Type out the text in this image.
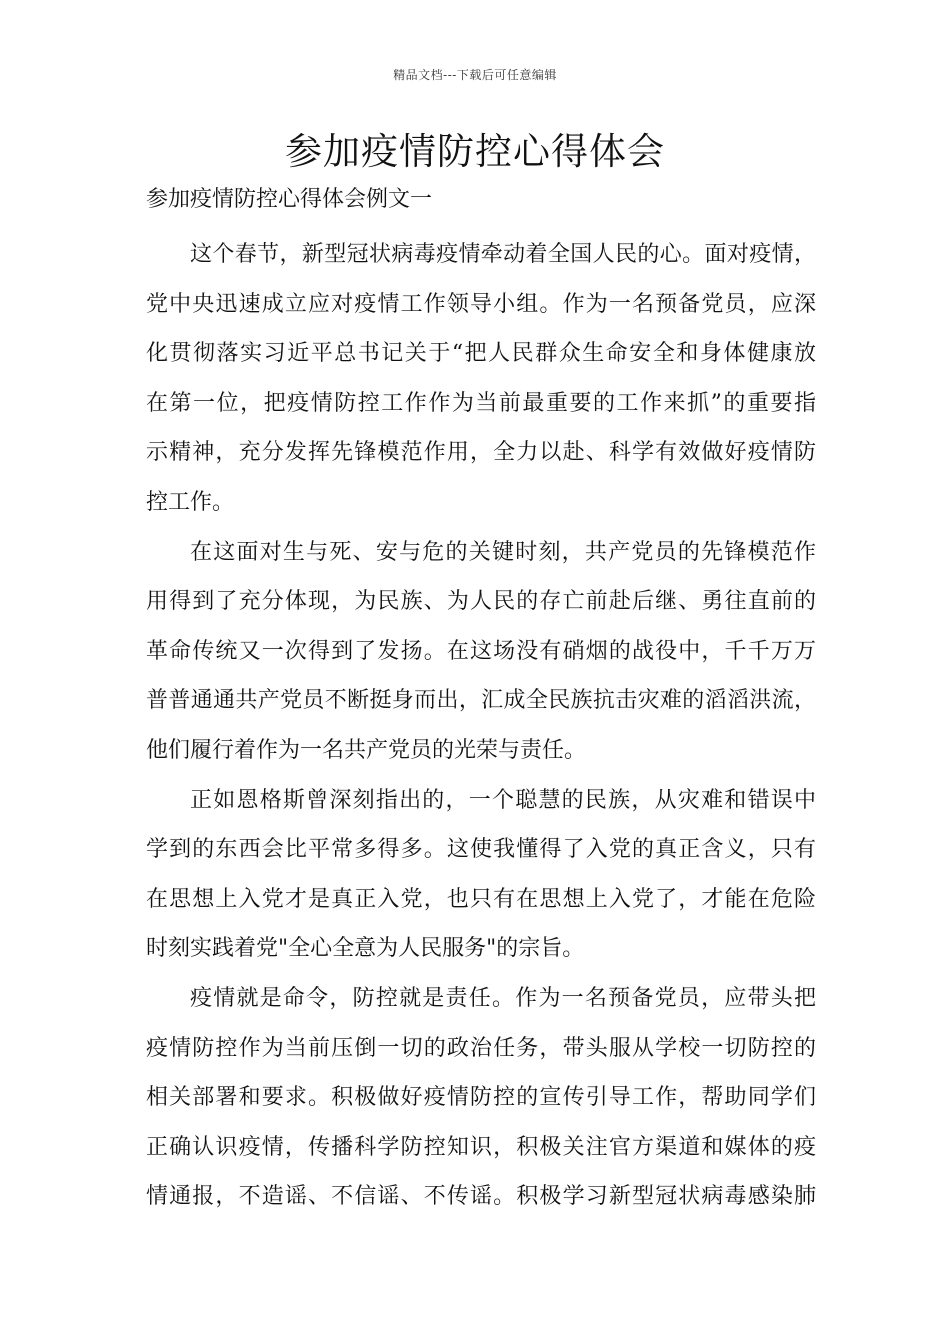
精品文档---下载后可任意编辑
参加疫情防控心得体会

参加疫情防控心得体会例文一

这个春节，新型冠状病毒疫情牵动着全国人民的心。面对疫情，
党中央迅速成立应对疫情工作领导小组。作为一名预备党员，应深
化贯彻落实习近平总书记关于“把人民群众生命安全和身体健康放
在第一位，把疫情防控工作作为当前最重要的工作来抓”的重要指
示精神，充分发挥先锋模范作用，全力以赴、科学有效做好疫情防
控工作。

在这面对生与死、安与危的关键时刻，共产党员的先锋模范作
用得到了充分体现，为民族、为人民的存亡前赴后继、勇往直前的
革命传统又一次得到了发扬。在这场没有硝烟的战役中，千千万万
普普通通共产党员不断挺身而出，汇成全民族抗击灾难的滔滔洪流，
他们履行着作为一名共产党员的光荣与责任。

正如恩格斯曾深刻指出的，一个聪慧的民族，从灾难和错误中
学到的东西会比平常多得多。这使我懂得了入党的真正含义，只有
在思想上入党才是真正入党，也只有在思想上入党了，才能在危险
时刻实践着党"全心全意为人民服务"的宗旨。

疫情就是命令，防控就是责任。作为一名预备党员，应带头把
疫情防控作为当前压倒一切的政治任务，带头服从学校一切防控的
相关部署和要求。积极做好疫情防控的宣传引导工作，帮助同学们
正确认识疫情，传播科学防控知识，积极关注官方渠道和媒体的疫
情通报，不造谣、不信谣、不传谣。积极学习新型冠状病毒感染肺
